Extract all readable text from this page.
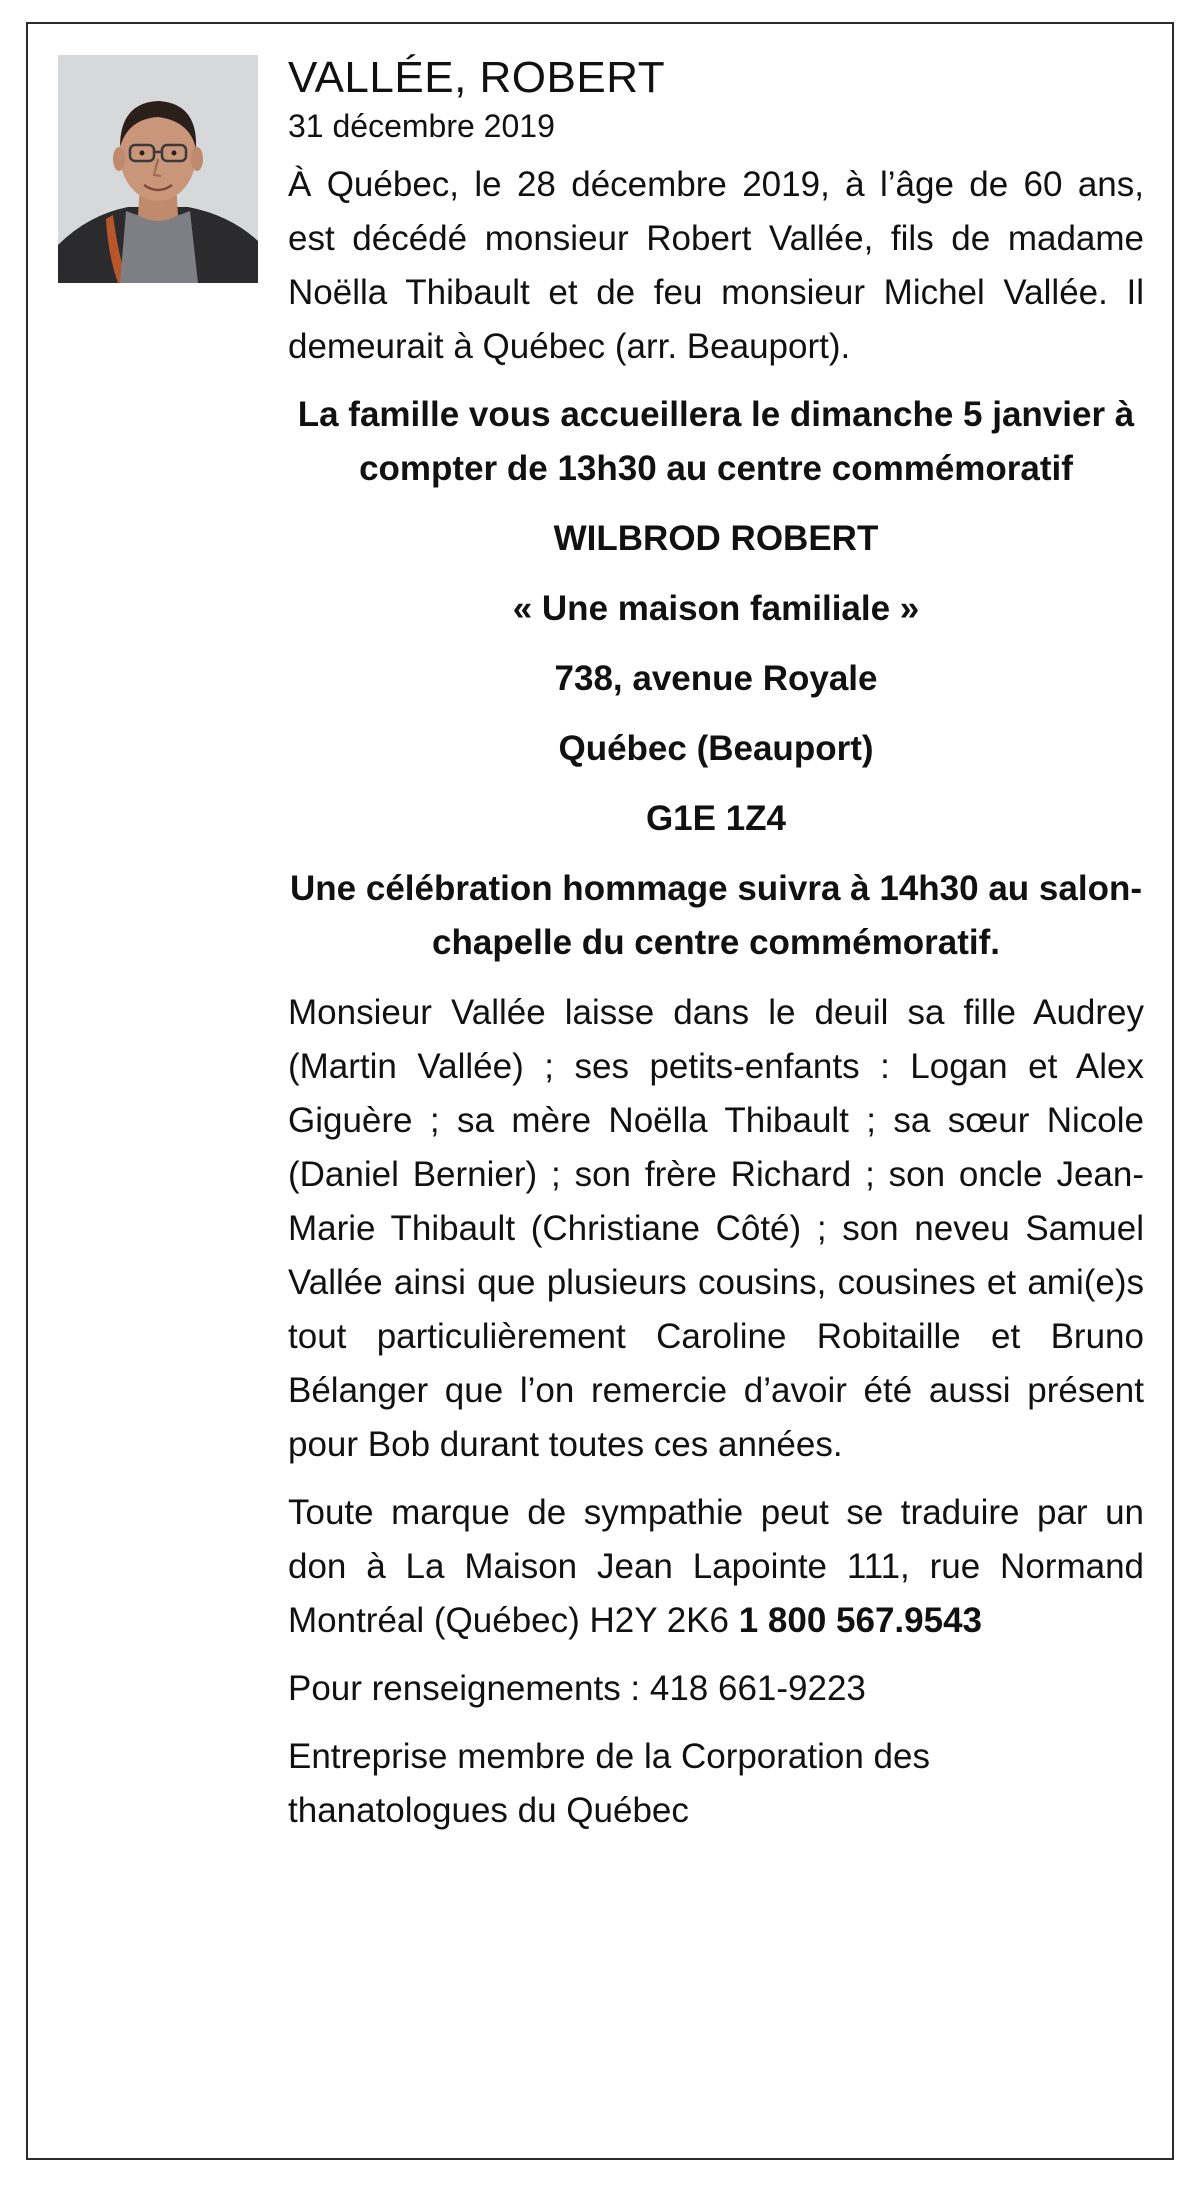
VALLÉE, ROBERT
31 décembre 2019

À Québec, le 28 décembre 2019, à l’âge de 60 ans, est décédé monsieur Robert Vallée, fils de madame Noëlla Thibault et de feu monsieur Michel Vallée. Il demeurait à Québec (arr. Beauport).

La famille vous accueillera le dimanche 5 janvier à compter de 13h30 au centre commémoratif

WILBROD ROBERT

« Une maison familiale »

738, avenue Royale

Québec (Beauport)

G1E 1Z4

Une célébration hommage suivra à 14h30 au salon-chapelle du centre commémoratif.

Monsieur Vallée laisse dans le deuil sa fille Audrey (Martin Vallée) ; ses petits-enfants : Logan et Alex Giguère ; sa mère Noëlla Thibault ; sa sœur Nicole (Daniel Bernier) ; son frère Richard ; son oncle Jean-Marie Thibault (Christiane Côté) ; son neveu Samuel Vallée ainsi que plusieurs cousins, cousines et ami(e)s tout particulièrement Caroline Robitaille et Bruno Bélanger que l’on remercie d’avoir été aussi présent pour Bob durant toutes ces années.

Toute marque de sympathie peut se traduire par un don à La Maison Jean Lapointe 111, rue Normand Montréal (Québec) H2Y 2K6 1 800 567.9543

Pour renseignements : 418 661-9223

Entreprise membre de la Corporation des thanatologues du Québec
